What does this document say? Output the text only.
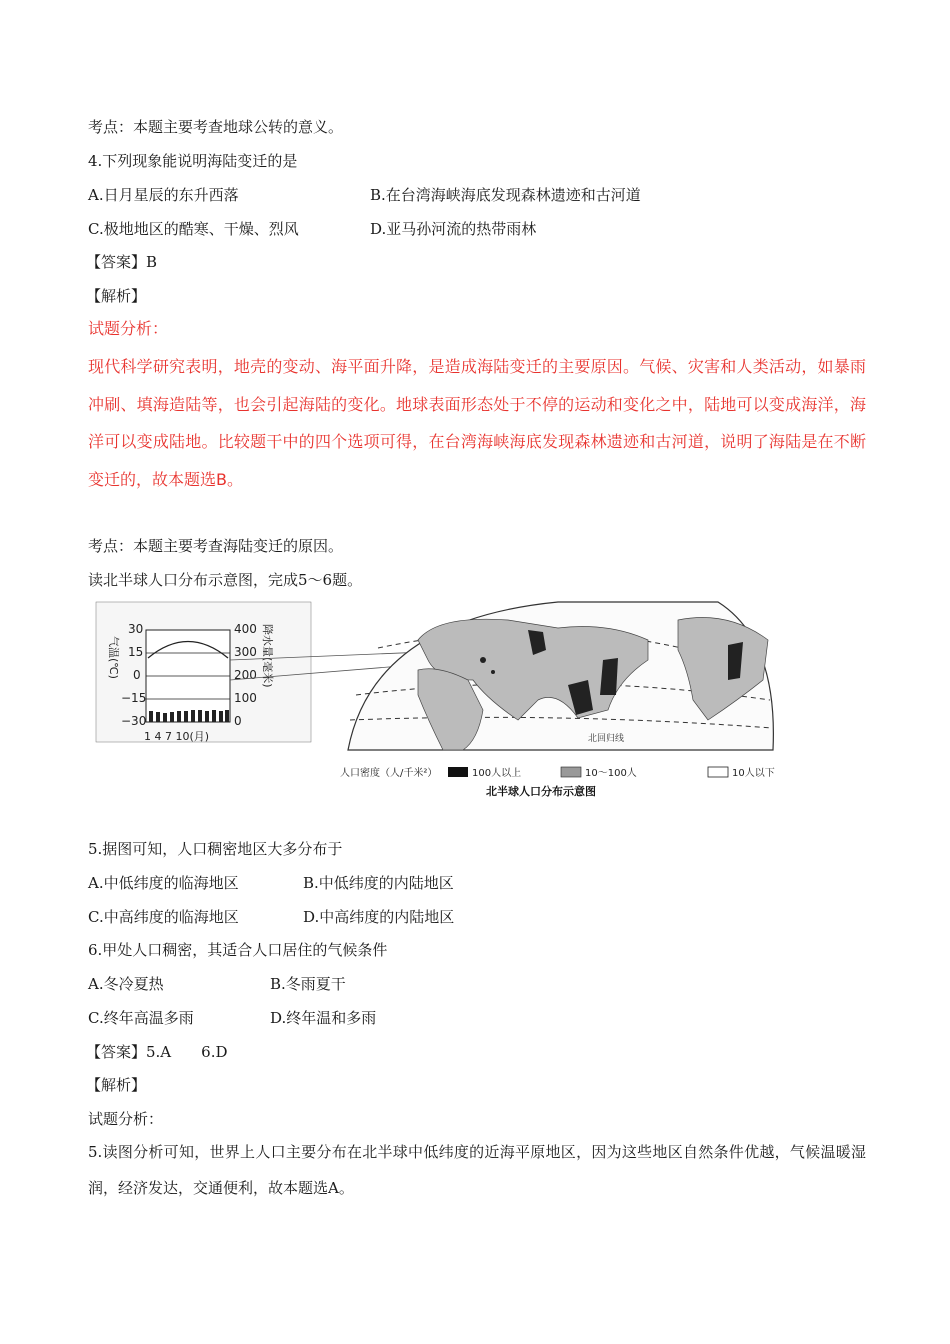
考点：本题主要考查地球公转的意义。
4.下列现象能说明海陆变迁的是
A.日月星辰的东升西落	B.在台湾海峡海底发现森林遗迹和古河道
C.极地地区的酷寒、干燥、烈风	D.亚马孙河流的热带雨林
【答案】B
【解析】
试题分析：
现代科学研究表明，地壳的变动、海平面升降，是造成海陆变迁的主要原因。气候、灾害和人类活动，如暴雨冲刷、填海造陆等，也会引起海陆的变化。地球表面形态处于不停的运动和变化之中，陆地可以变成海洋，海洋可以变成陆地。比较题干中的四个选项可得，在台湾海峡海底发现森林遗迹和古河道，说明了海陆是在不断变迁的，故本题选B。
考点：本题主要考查海陆变迁的原因。
读北半球人口分布示意图，完成5～6题。
气温(℃)
30
15
0
−15
−30
400
300
200
100
0
1 4 7 10(月)
降水量(毫米)
北回归线
人口密度（人/千米²）	100人以上	10～100人	10人以下
北半球人口分布示意图
5.据图可知，人口稠密地区大多分布于
A.中低纬度的临海地区	B.中低纬度的内陆地区
C.中高纬度的临海地区	D.中高纬度的内陆地区
6.甲处人口稠密，其适合人口居住的气候条件
A.冬冷夏热	B.冬雨夏干
C.终年高温多雨	D.终年温和多雨
【答案】5.A　　6.D
【解析】
试题分析：
5.读图分析可知，世界上人口主要分布在北半球中低纬度的近海平原地区，因为这些地区自然条件优越，气候温暖湿润，经济发达，交通便利，故本题选A。
